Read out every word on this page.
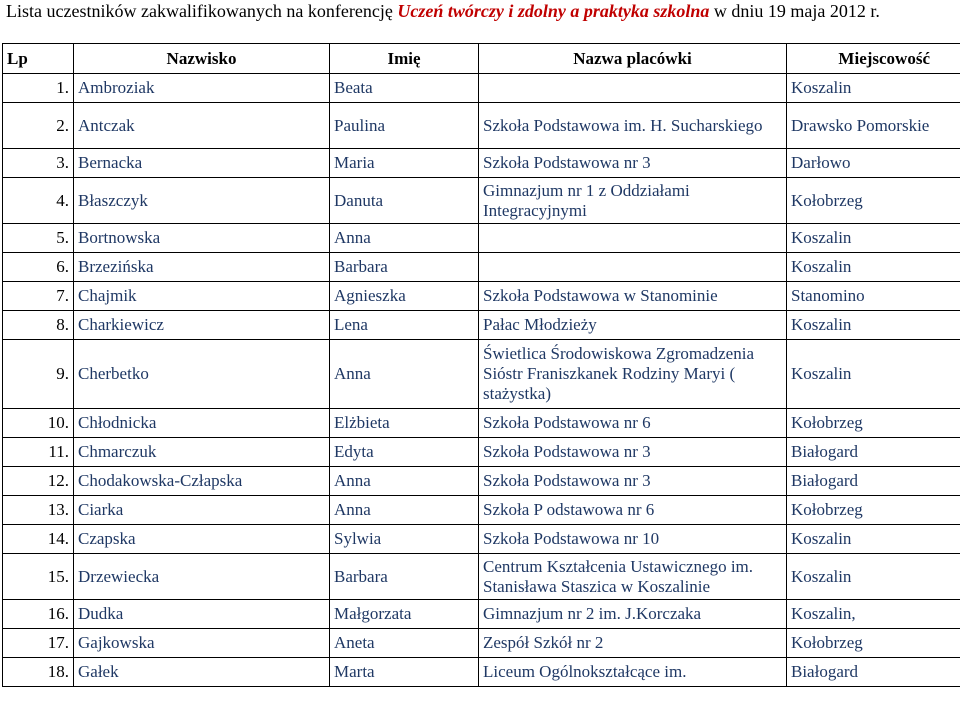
Lista uczestników zakwalifikowanych na konferencję Uczeń twórczy i zdolny a praktyka szkolna w dniu 19 maja 2012 r.
Lp	Nazwisko	Imię	Nazwa placówki	Miejscowość
1.	Ambroziak	Beata		Koszalin
2.	Antczak	Paulina	Szkoła Podstawowa im. H. Sucharskiego	Drawsko Pomorskie
3.	Bernacka	Maria	Szkoła Podstawowa nr 3	Darłowo
4.	Błaszczyk	Danuta	Gimnazjum nr 1 z Oddziałami Integracyjnymi	Kołobrzeg
5.	Bortnowska	Anna		Koszalin
6.	Brzezińska	Barbara		Koszalin
7.	Chajmik	Agnieszka	Szkoła Podstawowa w Stanominie	Stanomino
8.	Charkiewicz	Lena	Pałac Młodzieży	Koszalin
9.	Cherbetko	Anna	Świetlica Środowiskowa Zgromadzenia Sióstr Franiszkanek Rodziny Maryi ( stażystka)	Koszalin
10.	Chłodnicka	Elżbieta	Szkoła Podstawowa nr 6	Kołobrzeg
11.	Chmarczuk	Edyta	Szkoła Podstawowa nr 3	Białogard
12.	Chodakowska-Człapska	Anna	Szkoła Podstawowa nr 3	Białogard
13.	Ciarka	Anna	Szkoła P odstawowa nr 6	Kołobrzeg
14.	Czapska	Sylwia	Szkoła Podstawowa nr 10	Koszalin
15.	Drzewiecka	Barbara	Centrum Kształcenia Ustawicznego im. Stanisława Staszica w Koszalinie	Koszalin
16.	Dudka	Małgorzata	Gimnazjum nr 2 im. J.Korczaka	Koszalin,
17.	Gajkowska	Aneta	Zespół Szkół nr 2	Kołobrzeg
18.	Gałek	Marta	Liceum Ogólnokształcące im.	Białogard
